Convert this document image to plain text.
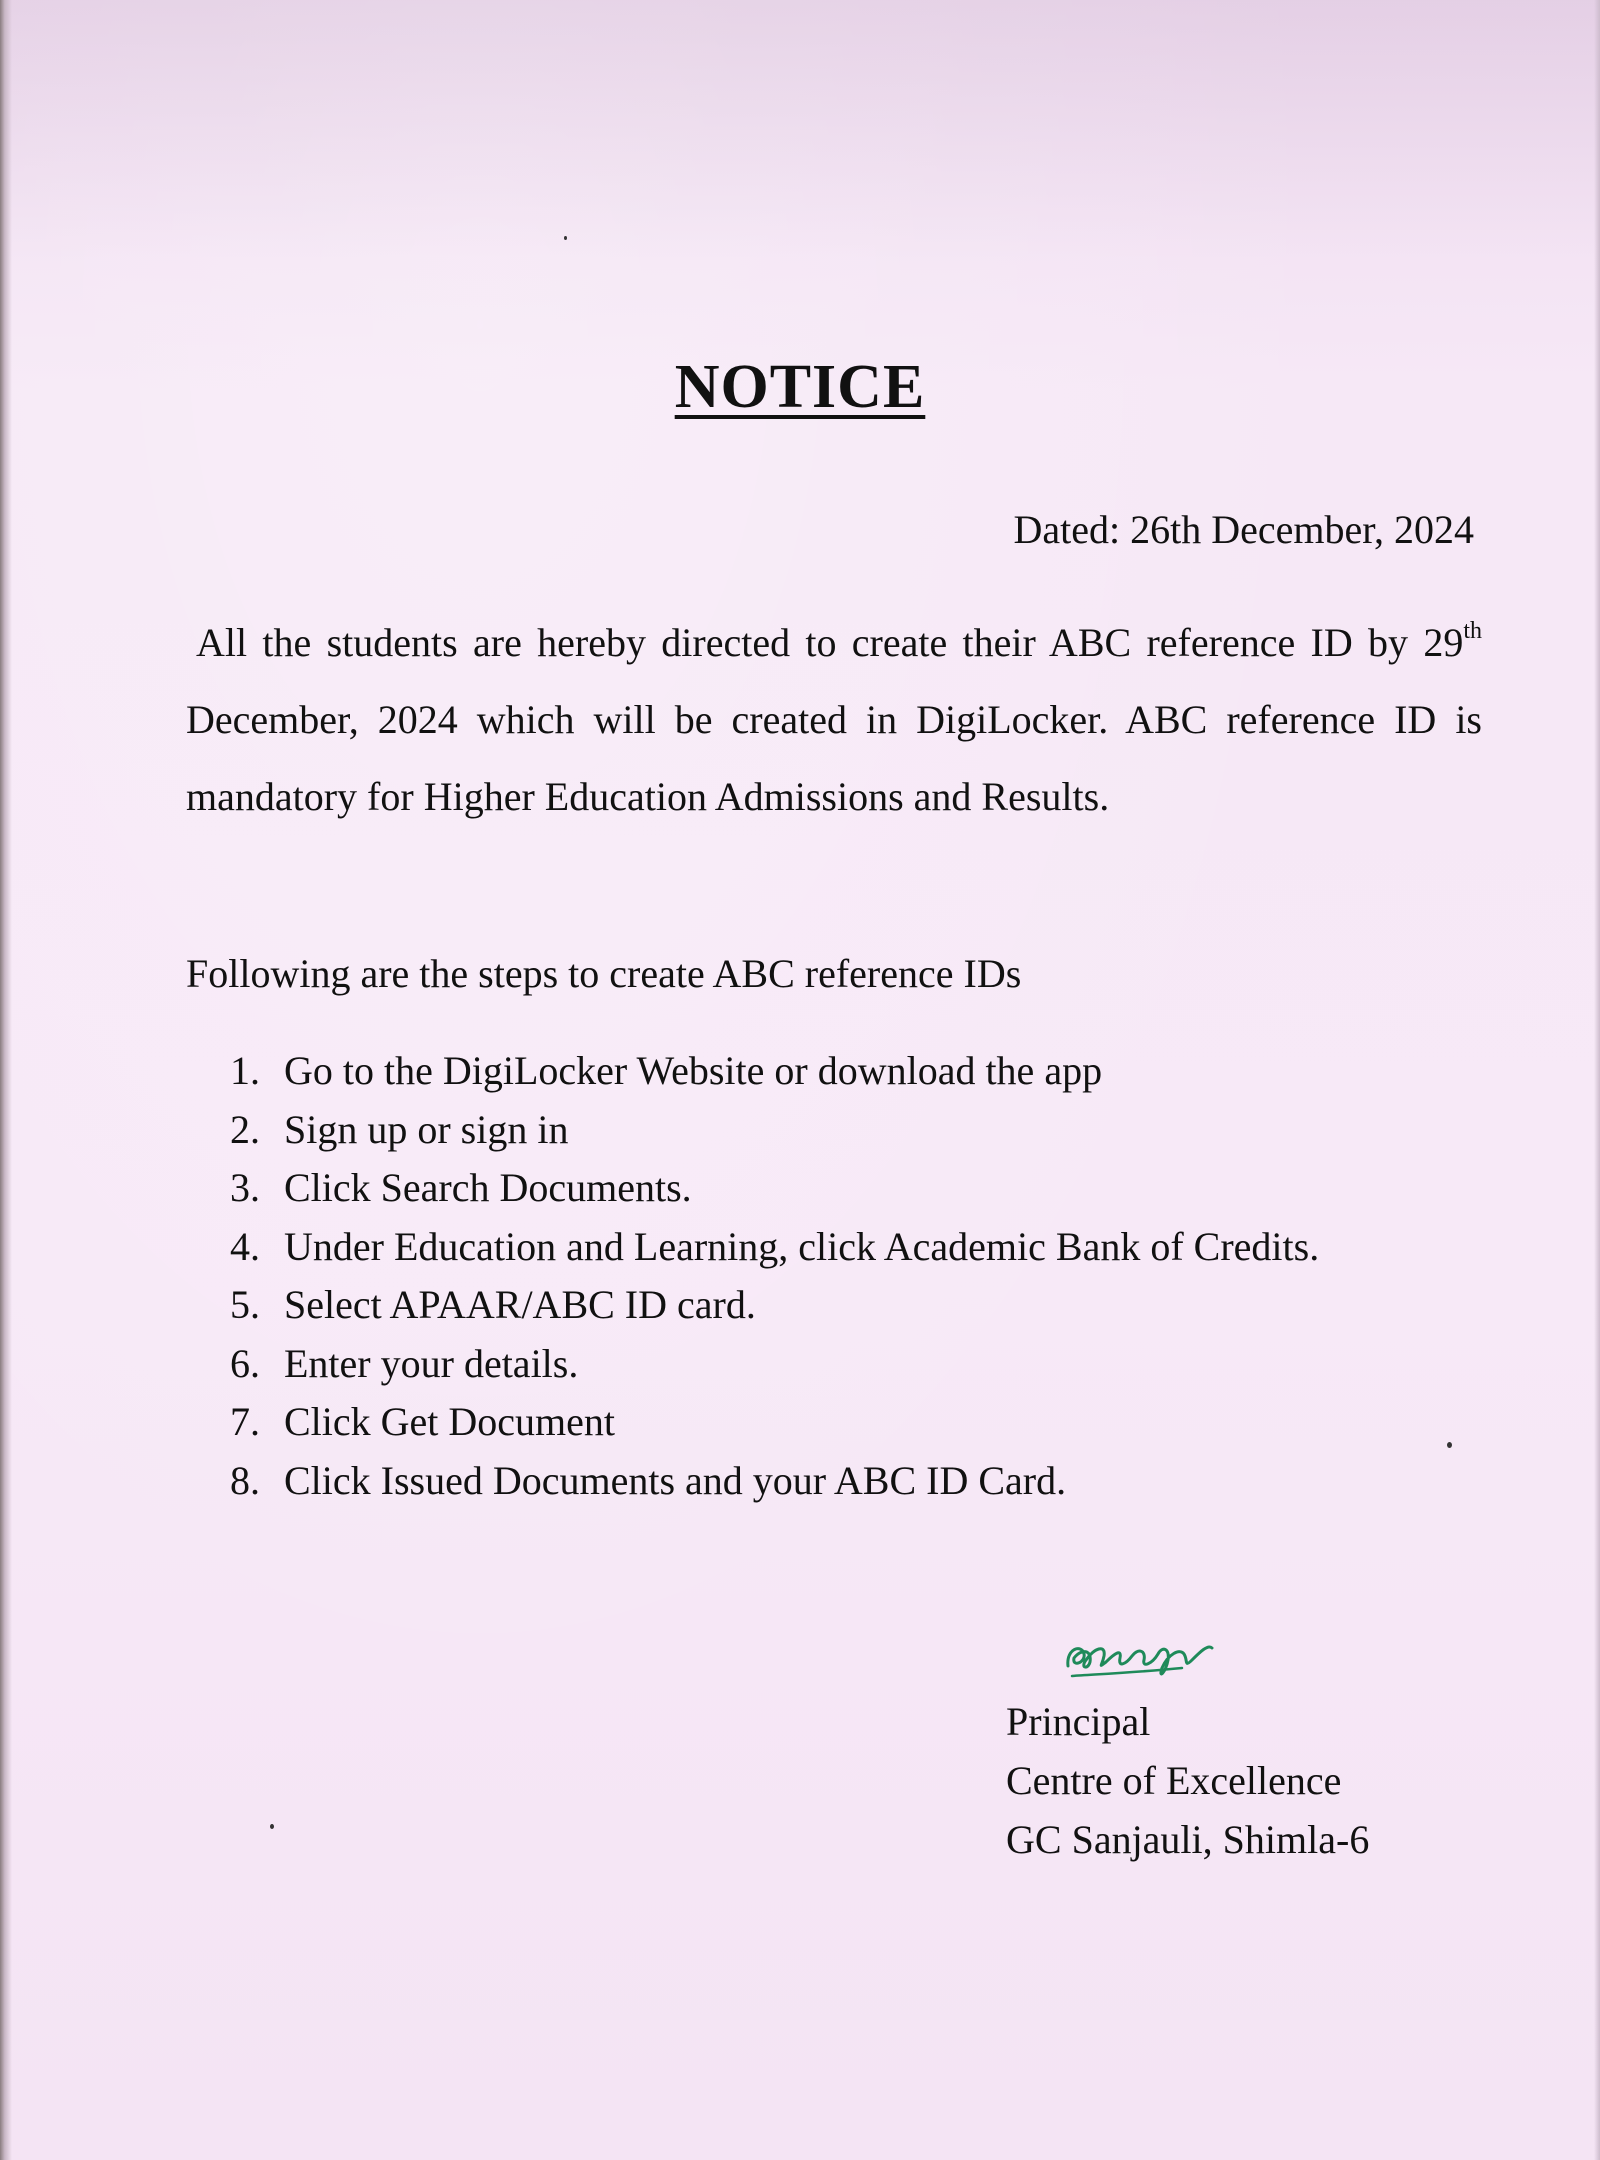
NOTICE
Dated: 26th December, 2024

All the students are hereby directed to create their ABC reference ID by 29th December, 2024 which will be created in DigiLocker. ABC reference ID is mandatory for Higher Education Admissions and Results.

Following are the steps to create ABC reference IDs
1. Go to the DigiLocker Website or download the app
2. Sign up or sign in
3. Click Search Documents.
4. Under Education and Learning, click Academic Bank of Credits.
5. Select APAAR/ABC ID card.
6. Enter your details.
7. Click Get Document
8. Click Issued Documents and your ABC ID Card.
Principal
Centre of Excellence
GC Sanjauli, Shimla-6
